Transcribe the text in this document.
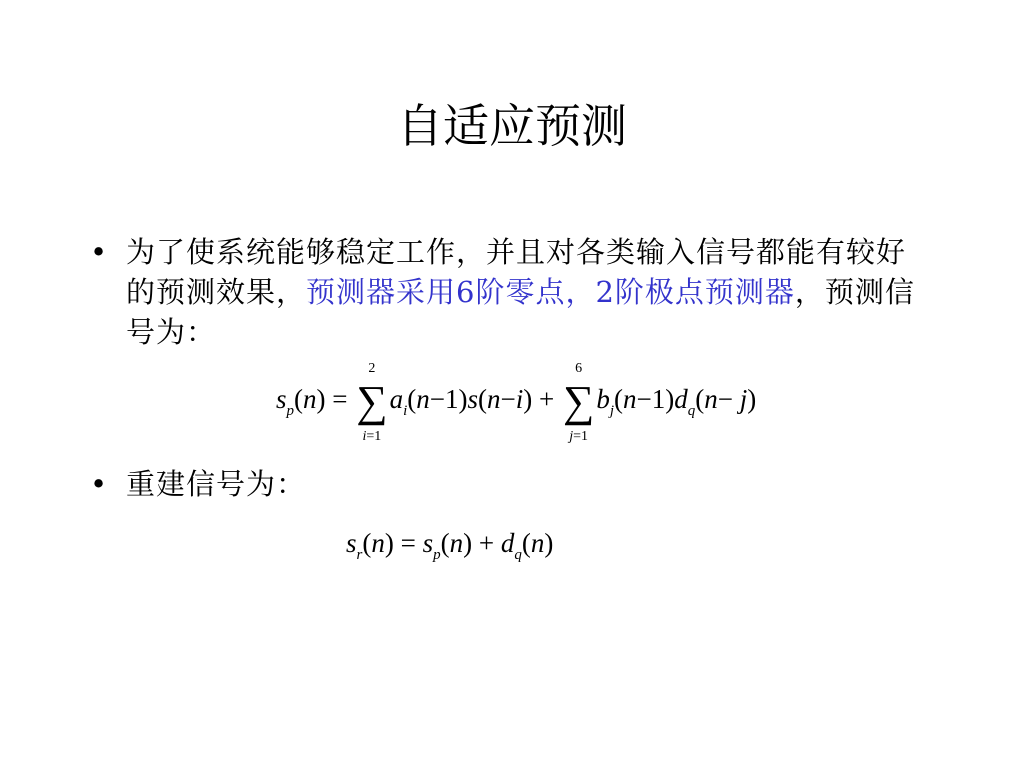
自适应预测
• 为了使系统能够稳定工作，并且对各类输入信号都能有较好的预测效果，预测器采用6阶零点，2阶极点预测器，预测信号为：
$s_p(n)$ =
2
∑
i=1
$a_i(n-1)s(n-i)$ +
6
∑
j=1
$b_j(n-1)d_q(n- j)$
• 重建信号为：
$s_r(n) = s_p(n) + d_q(n)$
